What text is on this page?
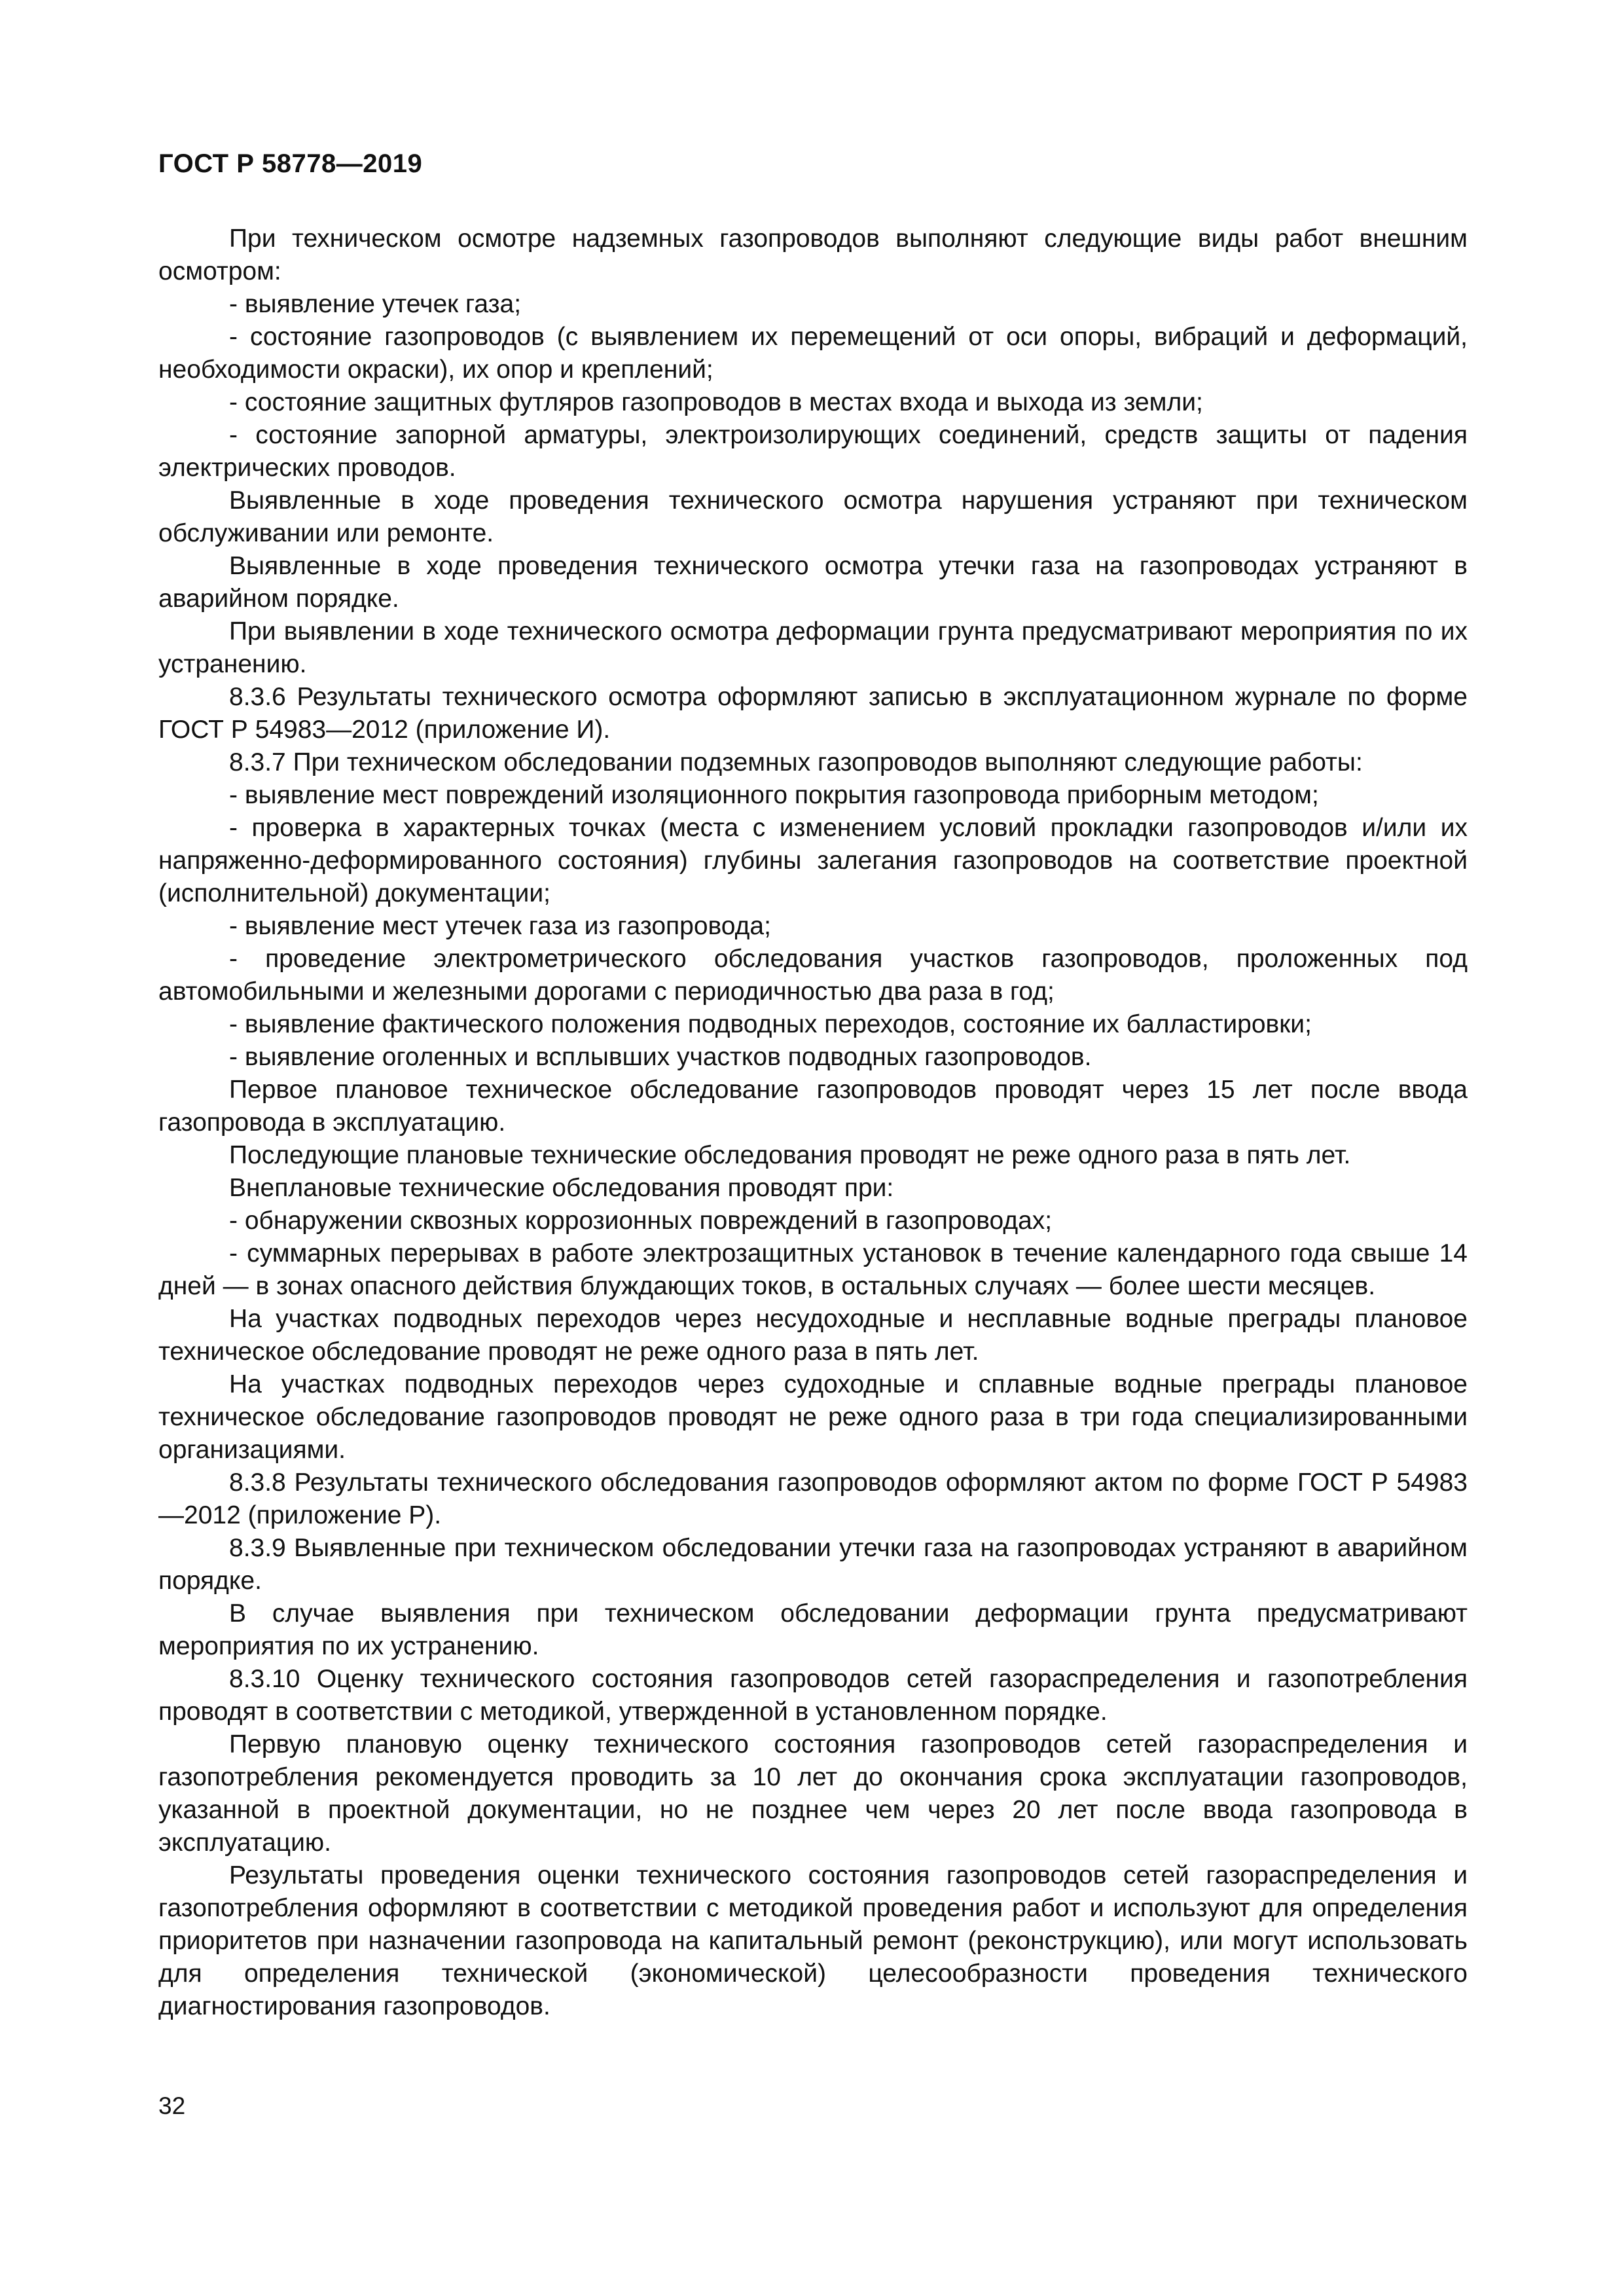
ГОСТ Р 58778—2019

При техническом осмотре надземных газопроводов выполняют следующие виды работ внешним осмотром:

- выявление утечек газа;

- состояние газопроводов (с выявлением их перемещений от оси опоры, вибраций и деформаций, необходимости окраски), их опор и креплений;

- состояние защитных футляров газопроводов в местах входа и выхода из земли;

- состояние запорной арматуры, электроизолирующих соединений, средств защиты от падения электрических проводов.

Выявленные в ходе проведения технического осмотра нарушения устраняют при техническом обслуживании или ремонте.

Выявленные в ходе проведения технического осмотра утечки газа на газопроводах устраняют в аварийном порядке.

При выявлении в ходе технического осмотра деформации грунта предусматривают мероприятия по их устранению.

8.3.6 Результаты технического осмотра оформляют записью в эксплуатационном журнале по форме ГОСТ Р 54983—2012 (приложение И).

8.3.7 При техническом обследовании подземных газопроводов выполняют следующие работы:

- выявление мест повреждений изоляционного покрытия газопровода приборным методом;

- проверка в характерных точках (места с изменением условий прокладки газопроводов и/или их напряженно-деформированного состояния) глубины залегания газопроводов на соответствие проектной (исполнительной) документации;

- выявление мест утечек газа из газопровода;

- проведение электрометрического обследования участков газопроводов, проложенных под автомобильными и железными дорогами с периодичностью два раза в год;

- выявление фактического положения подводных переходов, состояние их балластировки;

- выявление оголенных и всплывших участков подводных газопроводов.

Первое плановое техническое обследование газопроводов проводят через 15 лет после ввода газопровода в эксплуатацию.

Последующие плановые технические обследования проводят не реже одного раза в пять лет.

Внеплановые технические обследования проводят при:

- обнаружении сквозных коррозионных повреждений в газопроводах;

- суммарных перерывах в работе электрозащитных установок в течение календарного года свыше 14 дней — в зонах опасного действия блуждающих токов, в остальных случаях — более шести месяцев.

На участках подводных переходов через несудоходные и несплавные водные преграды плановое техническое обследование проводят не реже одного раза в пять лет.

На участках подводных переходов через судоходные и сплавные водные преграды плановое техническое обследование газопроводов проводят не реже одного раза в три года специализированными организациями.

8.3.8 Результаты технического обследования газопроводов оформляют актом по форме ГОСТ Р 54983—2012 (приложение Р).

8.3.9 Выявленные при техническом обследовании утечки газа на газопроводах устраняют в аварийном порядке.

В случае выявления при техническом обследовании деформации грунта предусматривают мероприятия по их устранению.

8.3.10 Оценку технического состояния газопроводов сетей газораспределения и газопотребления проводят в соответствии с методикой, утвержденной в установленном порядке.

Первую плановую оценку технического состояния газопроводов сетей газораспределения и газопотребления рекомендуется проводить за 10 лет до окончания срока эксплуатации газопроводов, указанной в проектной документации, но не позднее чем через 20 лет после ввода газопровода в эксплуатацию.

Результаты проведения оценки технического состояния газопроводов сетей газораспределения и газопотребления оформляют в соответствии с методикой проведения работ и используют для определения приоритетов при назначении газопровода на капитальный ремонт (реконструкцию), или могут использовать для определения технической (экономической) целесообразности проведения технического диагностирования газопроводов.

32
